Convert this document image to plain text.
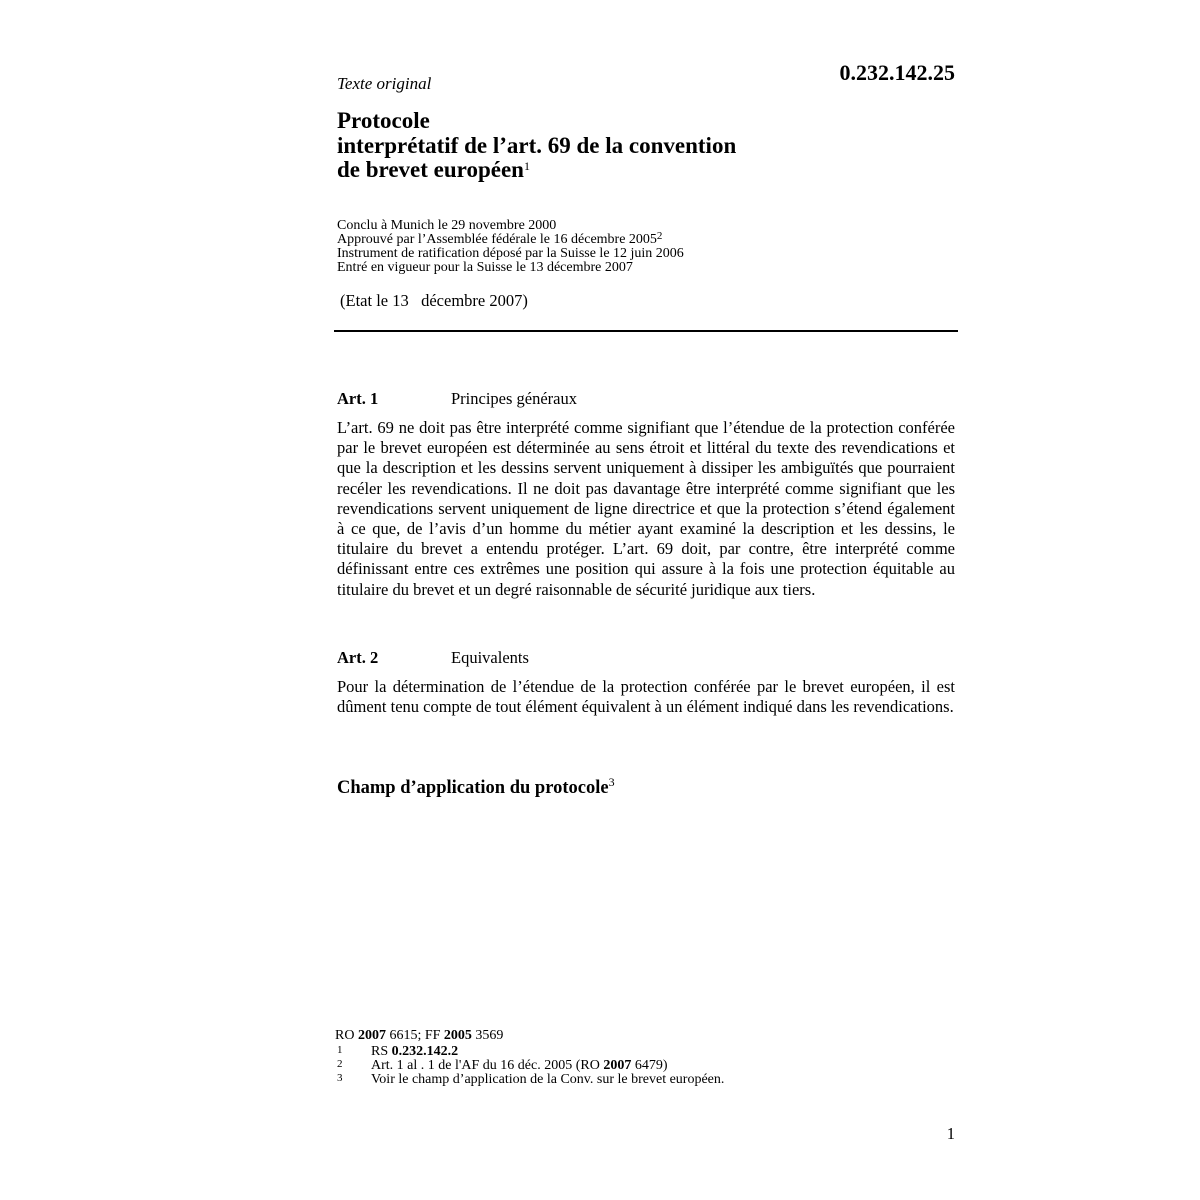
Texte original	0.232.142.25
Protocole
interprétatif de l’art. 69 de la convention
de brevet européen$^1$
Conclu à Munich le 29 novembre 2000
Approuvé par l’Assemblée fédérale le 16 décembre 2005$^2$
Instrument de ratification déposé par la Suisse le 12 juin 2006
Entré en vigueur pour la Suisse le 13 décembre 2007
(Etat le 13   décembre 2007)
Art. 1	Principes généraux

L’art. 69 ne doit pas être interprété comme signifiant que l’étendue de la protection conférée par le brevet européen est déterminée au sens étroit et littéral du texte des revendications et que la description et les dessins servent uniquement à dissiper les ambiguïtés que pourraient recéler les revendications. Il ne doit pas davantage être interprété comme signifiant que les revendications servent uniquement de ligne directrice et que la protection s’étend également à ce que, de l’avis d’un homme du métier ayant examiné la description et les dessins, le titulaire du brevet a entendu protéger. L’art. 69 doit, par contre, être interprété comme définissant entre ces extrêmes une position qui assure à la fois une protection équitable au titulaire du brevet et un degré raisonnable de sécurité juridique aux tiers.

Art. 2	Equivalents

Pour la détermination de l’étendue de la protection conférée par le brevet européen, il est dûment tenu compte de tout élément équivalent à un élément indiqué dans les revendications.

Champ d’application du protocole$^3$
RO 2007 6615; FF 2005 3569
1	RS 0.232.142.2
2	Art. 1 al . 1 de l'AF du 16 déc. 2005 (RO 2007 6479)
3	Voir le champ d’application de la Conv. sur le brevet européen.
1
